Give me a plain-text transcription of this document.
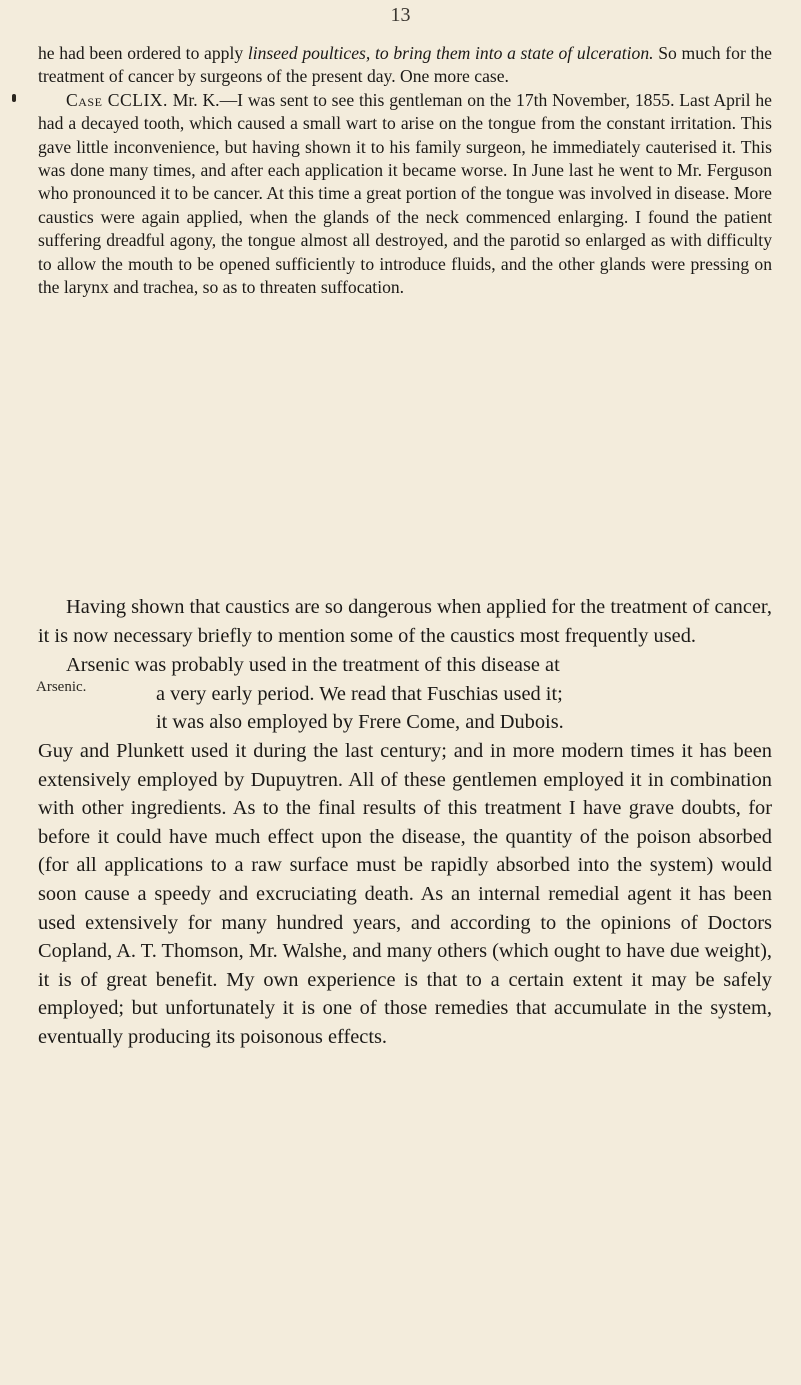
13

he had been ordered to apply linseed poultices, to bring them into a state of ulceration. So much for the treatment of cancer by surgeons of the present day. One more case.

Case CCLIX. Mr. K.—I was sent to see this gentleman on the 17th November, 1855. Last April he had a decayed tooth, which caused a small wart to arise on the tongue from the constant irritation. This gave little inconvenience, but having shown it to his family surgeon, he immediately cauterised it. This was done many times, and after each application it became worse. In June last he went to Mr. Ferguson who pronounced it to be cancer. At this time a great portion of the tongue was involved in disease. More caustics were again applied, when the glands of the neck commenced enlarging. I found the patient suffering dreadful agony, the tongue almost all destroyed, and the parotid so enlarged as with difficulty to allow the mouth to be opened sufficiently to introduce fluids, and the other glands were pressing on the larynx and trachea, so as to threaten suffocation.

Having shown that caustics are so dangerous when applied for the treatment of cancer, it is now necessary briefly to mention some of the caustics most frequently used.

Arsenic was probably used in the treatment of this disease at

Arsenic.	a very early period. We read that Fuschias used it;

it was also employed by Frere Come, and Dubois.

Guy and Plunkett used it during the last century; and in more modern times it has been extensively employed by Dupuytren. All of these gentlemen employed it in combination with other ingredients. As to the final results of this treatment I have grave doubts, for before it could have much effect upon the disease, the quantity of the poison absorbed (for all applications to a raw surface must be rapidly absorbed into the system) would soon cause a speedy and excruciating death. As an internal remedial agent it has been used extensively for many hundred years, and according to the opinions of Doctors Copland, A. T. Thomson, Mr. Walshe, and many others (which ought to have due weight), it is of great benefit. My own experience is that to a certain extent it may be safely employed; but unfortunately it is one of those remedies that accumulate in the system, eventually producing its poisonous effects.
